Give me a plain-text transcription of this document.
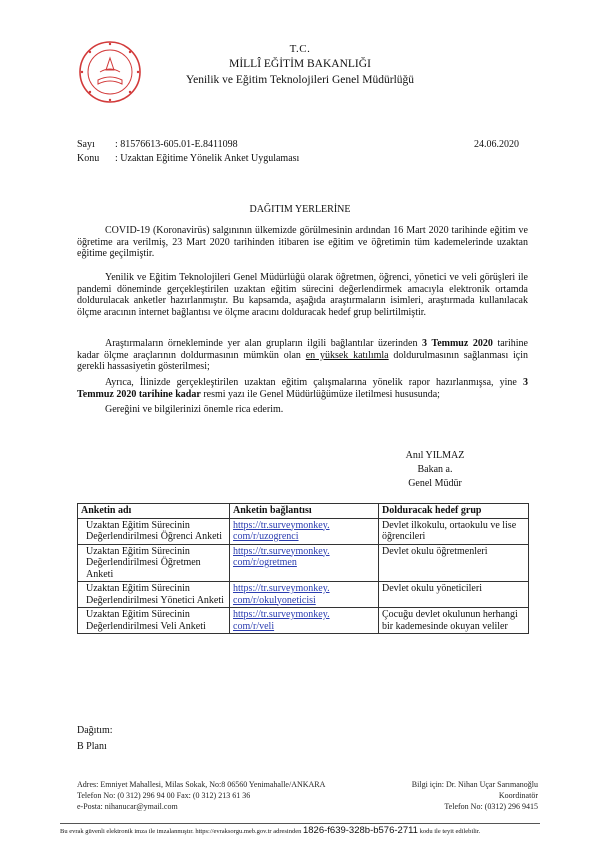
T.C.
MİLLÎ EĞİTİM BAKANLIĞI
Yenilik ve Eğitim Teknolojileri Genel Müdürlüğü
Sayı	: 81576613-605.01-E.8411098	24.06.2020
Konu	: Uzaktan Eğitime Yönelik Anket Uygulaması
DAĞITIM YERLERİNE
COVID-19 (Koronavirüs) salgınının ülkemizde görülmesinin ardından 16 Mart 2020 tarihinde eğitim ve öğretime ara verilmiş, 23 Mart 2020 tarihinden itibaren ise eğitim ve öğretimin tüm kademelerinde uzaktan eğitime geçilmiştir.
Yenilik ve Eğitim Teknolojileri Genel Müdürlüğü olarak öğretmen, öğrenci, yönetici ve veli görüşleri ile pandemi döneminde gerçekleştirilen uzaktan eğitim sürecini değerlendirmek amacıyla elektronik ortamda doldurulacak anketler hazırlanmıştır. Bu kapsamda, aşağıda araştırmaların isimleri, araştırmada kullanılacak ölçme aracının internet bağlantısı ve ölçme aracını dolduracak hedef grup belirtilmiştir.
Araştırmaların örnekleminde yer alan grupların ilgili bağlantılar üzerinden 3 Temmuz 2020 tarihine kadar ölçme araçlarının doldurmasının mümkün olan en yüksek katılımla doldurulmasının sağlanması için gerekli hassasiyetin gösterilmesi;
Ayrıca, İlinizde gerçekleştirilen uzaktan eğitim çalışmalarına yönelik rapor hazırlanmışsa, yine 3 Temmuz 2020 tarihine kadar resmi yazı ile Genel Müdürlüğümüze iletilmesi hususunda;
Gereğini ve bilgilerinizi önemle rica ederim.
Anıl YILMAZ
Bakan a.
Genel Müdür
Anketin adı	Anketin bağlantısı	Dolduracak hedef grup
Uzaktan Eğitim Sürecinin Değerlendirilmesi Öğrenci Anketi	https://tr.surveymonkey.
com/r/uzogrenci	Devlet ilkokulu, ortaokulu ve lise öğrencileri
Uzaktan Eğitim Sürecinin Değerlendirilmesi Öğretmen Anketi	https://tr.surveymonkey.
com/r/ogretmen	Devlet okulu öğretmenleri
Uzaktan Eğitim Sürecinin Değerlendirilmesi Yönetici Anketi	https://tr.surveymonkey.
com/r/okulyoneticisi	Devlet okulu yöneticileri
Uzaktan Eğitim Sürecinin Değerlendirilmesi Veli Anketi	https://tr.surveymonkey.
com/r/veli	Çocuğu devlet okulunun herhangi bir kademesinde okuyan veliler
Dağıtım:
B Planı
Adres: Emniyet Mahallesi, Milas Sokak, No:8 06560 Yenimahalle/ANKARA
Telefon No: (0 312) 296 94 00 Fax: (0 312) 213 61 36
e-Posta: nihanucar@ymail.com
Bilgi için: Dr. Nihan Uçar Sarımanoğlu
Koordinatör
Telefon No: (0312) 296 9415
Bu evrak güvenli elektronik imza ile imzalanmıştır. https://evraksorgu.meb.gov.tr adresinden 1826-f639-328b-b576-2711 kodu ile teyit edilebilir.
